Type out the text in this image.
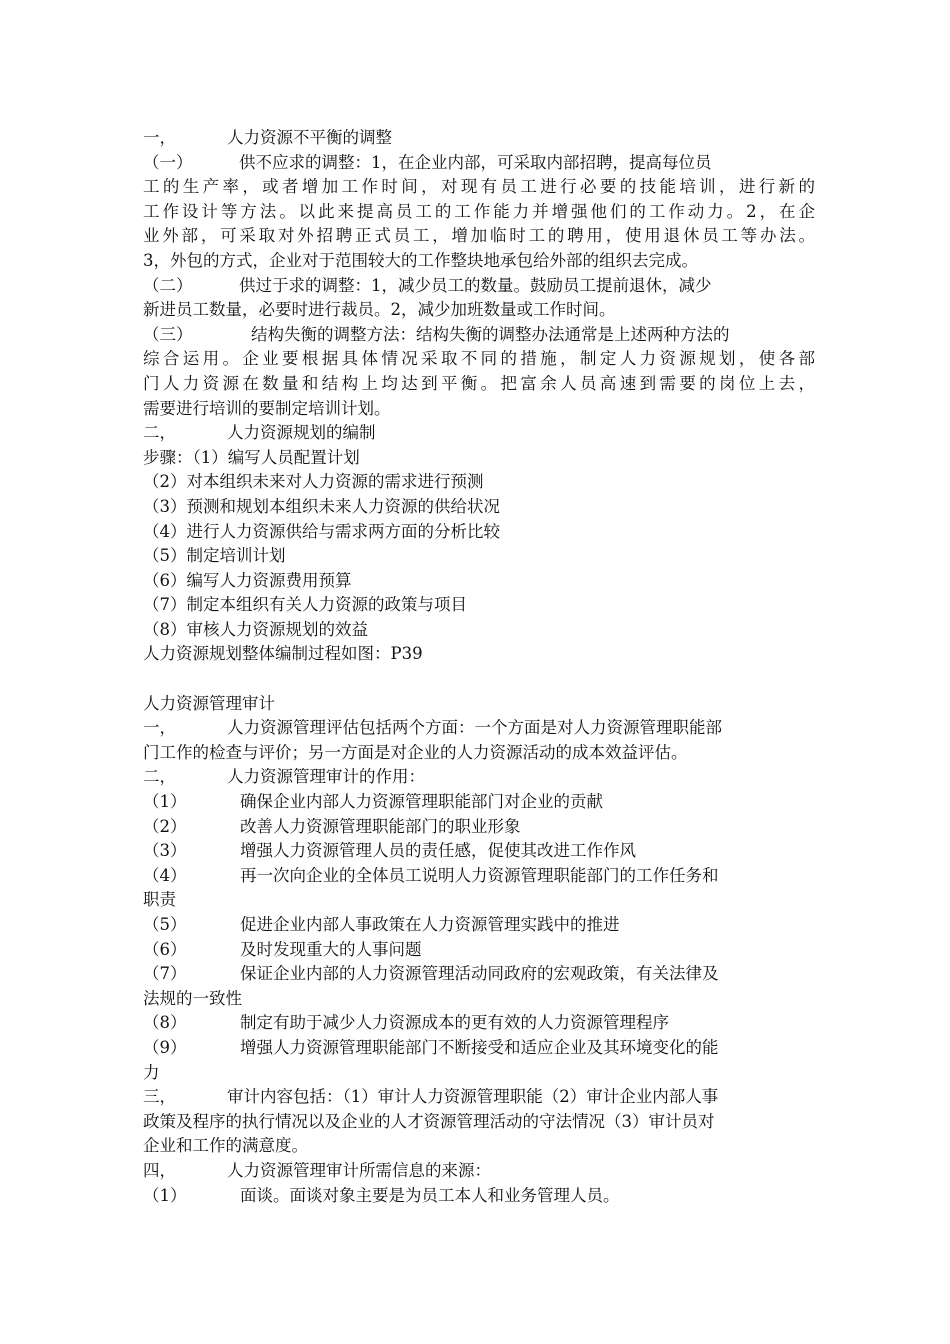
一，	人力资源不平衡的调整
（一）	供不应求的调整：1，在企业内部，可采取内部招聘，提高每位员
工的生产率，或者增加工作时间，对现有员工进行必要的技能培训，进行新的
工作设计等方法。以此来提高员工的工作能力并增强他们的工作动力。2，在企
业外部，可采取对外招聘正式员工，增加临时工的聘用，使用退休员工等办法。
3，外包的方式，企业对于范围较大的工作整块地承包给外部的组织去完成。
（二）	供过于求的调整：1，减少员工的数量。鼓励员工提前退休，减少
新进员工数量，必要时进行裁员。2，减少加班数量或工作时间。
（三）	结构失衡的调整方法：结构失衡的调整办法通常是上述两种方法的
综合运用。企业要根据具体情况采取不同的措施，制定人力资源规划，使各部
门人力资源在数量和结构上均达到平衡。把富余人员高速到需要的岗位上去，
需要进行培训的要制定培训计划。
二，	人力资源规划的编制
步骤：（1）编写人员配置计划
（2）对本组织未来对人力资源的需求进行预测
（3）预测和规划本组织未来人力资源的供给状况
（4）进行人力资源供给与需求两方面的分析比较
（5）制定培训计划
（6）编写人力资源费用预算
（7）制定本组织有关人力资源的政策与项目
（8）审核人力资源规划的效益
人力资源规划整体编制过程如图：P39
人力资源管理审计
一，	人力资源管理评估包括两个方面：一个方面是对人力资源管理职能部
门工作的检查与评价；另一方面是对企业的人力资源活动的成本效益评估。
二，	人力资源管理审计的作用：
（1）	确保企业内部人力资源管理职能部门对企业的贡献
（2）	改善人力资源管理职能部门的职业形象
（3）	增强人力资源管理人员的责任感，促使其改进工作作风
（4）	再一次向企业的全体员工说明人力资源管理职能部门的工作任务和
职责
（5）	促进企业内部人事政策在人力资源管理实践中的推进
（6）	及时发现重大的人事问题
（7）	保证企业内部的人力资源管理活动同政府的宏观政策，有关法律及
法规的一致性
（8）	制定有助于减少人力资源成本的更有效的人力资源管理程序
（9）	增强人力资源管理职能部门不断接受和适应企业及其环境变化的能
力
三，	审计内容包括：（1）审计人力资源管理职能（2）审计企业内部人事
政策及程序的执行情况以及企业的人才资源管理活动的守法情况（3）审计员对
企业和工作的满意度。
四，	人力资源管理审计所需信息的来源：
（1）	面谈。面谈对象主要是为员工本人和业务管理人员。
